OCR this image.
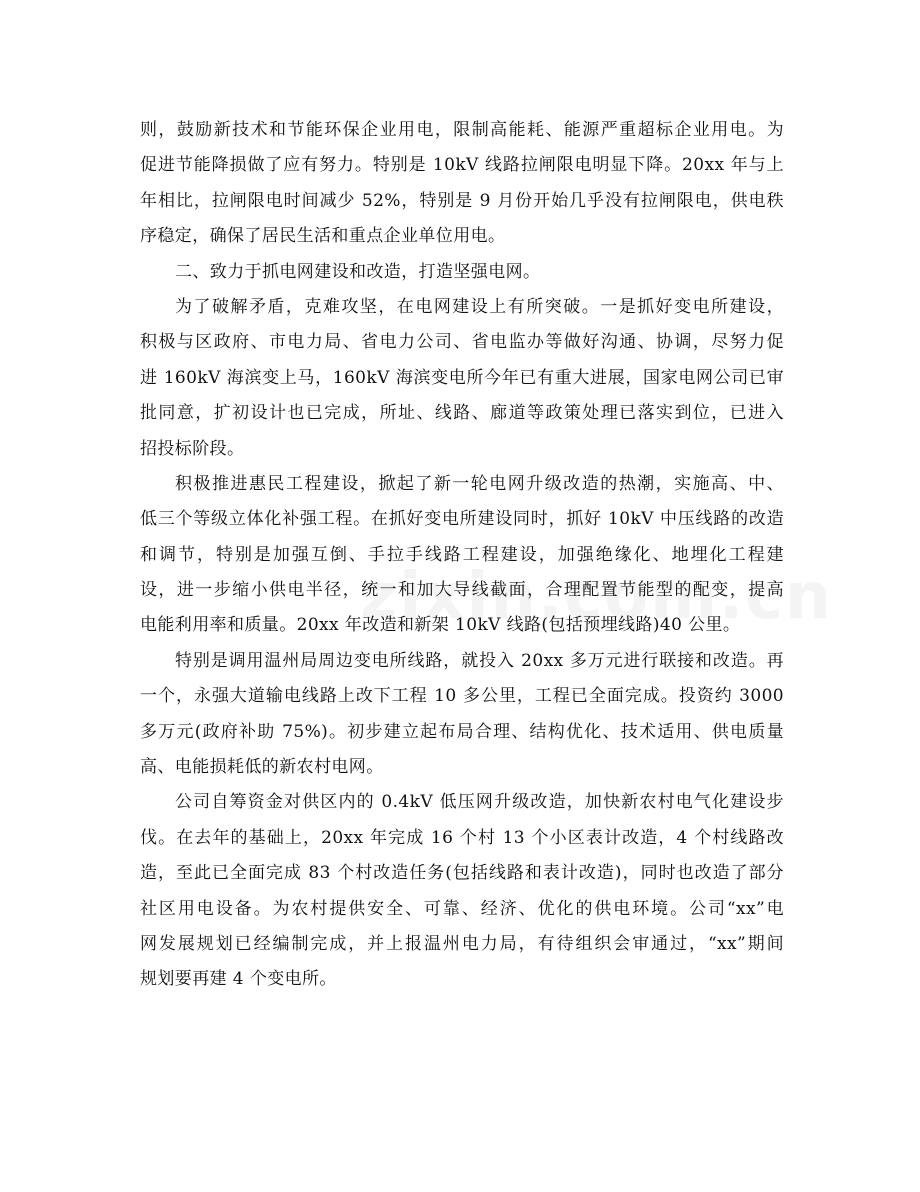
则，鼓励新技术和节能环保企业用电，限制高能耗、能源严重超标企业用电。为
促进节能降损做了应有努力。特别是 10kV 线路拉闸限电明显下降。20xx 年与上
年相比，拉闸限电时间减少 52%，特别是 9 月份开始几乎没有拉闸限电，供电秩
序稳定，确保了居民生活和重点企业单位用电。
二、致力于抓电网建设和改造，打造坚强电网。
为了破解矛盾，克难攻坚，在电网建设上有所突破。一是抓好变电所建设，
积极与区政府、市电力局、省电力公司、省电监办等做好沟通、协调，尽努力促
进 160kV 海滨变上马，160kV 海滨变电所今年已有重大进展，国家电网公司已审
批同意，扩初设计也已完成，所址、线路、廊道等政策处理已落实到位，已进入
招投标阶段。
积极推进惠民工程建设，掀起了新一轮电网升级改造的热潮，实施高、中、
低三个等级立体化补强工程。在抓好变电所建设同时，抓好 10kV 中压线路的改造
和调节，特别是加强互倒、手拉手线路工程建设，加强绝缘化、地埋化工程建
设，进一步缩小供电半径，统一和加大导线截面，合理配置节能型的配变，提高
电能利用率和质量。20xx 年改造和新架 10kV 线路(包括预埋线路)40 公里。
特别是调用温州局周边变电所线路，就投入 20xx 多万元进行联接和改造。再
一个，永强大道输电线路上改下工程 10 多公里，工程已全面完成。投资约 3000
多万元(政府补助 75%)。初步建立起布局合理、结构优化、技术适用、供电质量
高、电能损耗低的新农村电网。
公司自筹资金对供区内的 0.4kV 低压网升级改造，加快新农村电气化建设步
伐。在去年的基础上，20xx 年完成 16 个村 13 个小区表计改造，4 个村线路改
造，至此已全面完成 83 个村改造任务(包括线路和表计改造)，同时也改造了部分
社区用电设备。为农村提供安全、可靠、经济、优化的供电环境。公司“xx”电
网发展规划已经编制完成，并上报温州电力局，有待组织会审通过，“xx”期间
规划要再建 4 个变电所。
